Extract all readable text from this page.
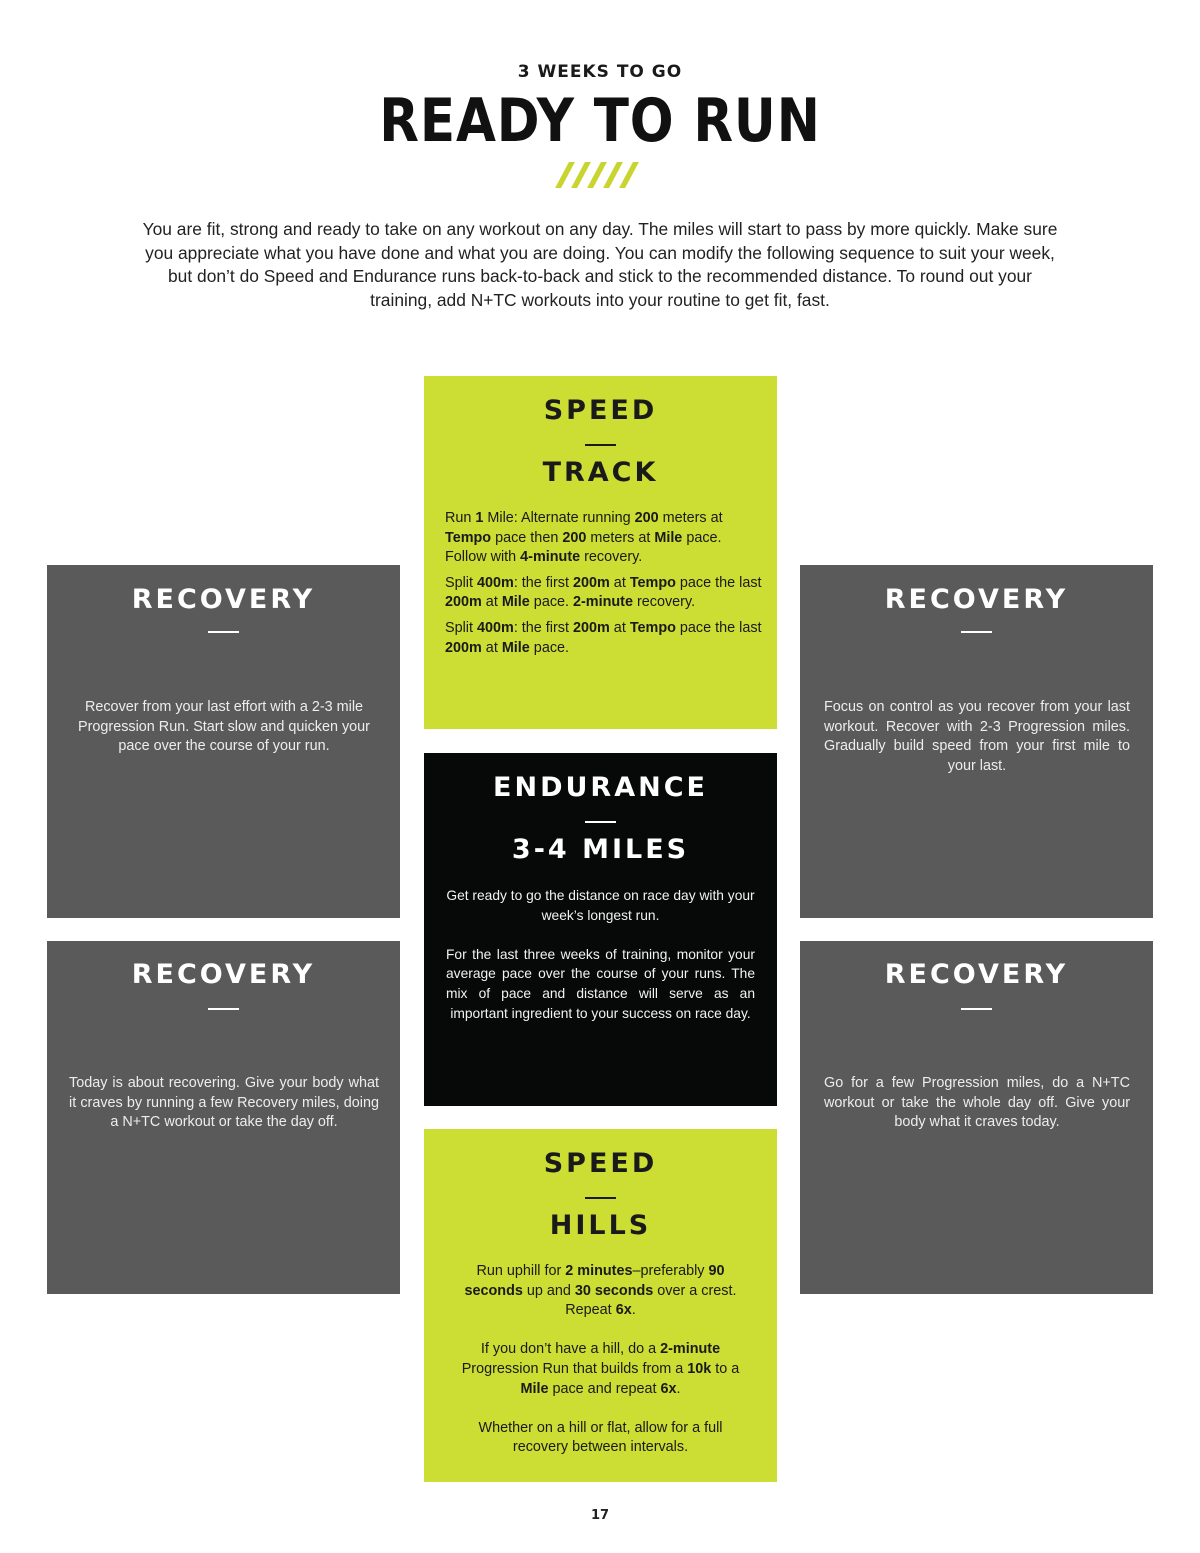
3 WEEKS TO GO
READY TO RUN
You are fit, strong and ready to take on any workout on any day. The miles will start to pass by more quickly. Make sure you appreciate what you have done and what you are doing. You can modify the following sequence to suit your week, but don’t do Speed and Endurance runs back-to-back and stick to the recommended distance. To round out your training, add N+TC workouts into your routine to get fit, fast.
SPEED
TRACK

Run 1 Mile: Alternate running 200 meters at Tempo pace then 200 meters at Mile pace. Follow with 4-minute recovery.

Split 400m: the first 200m at Tempo pace the last 200m at Mile pace. 2-minute recovery.

Split 400m: the first 200m at Tempo pace the last 200m at Mile pace.

RECOVERY
Recover from your last effort with a 2-3 mile Progression Run. Start slow and quicken your pace over the course of your run.
RECOVERY
Focus on control as you recover from your last workout. Recover with 2-3 Progression miles. Gradually build speed from your first mile to your last.
ENDURANCE
3-4 MILES

Get ready to go the distance on race day with your week’s longest run.

For the last three weeks of training, monitor your average pace over the course of your runs. The mix of pace and distance will serve as an important ingredient to your success on race day.

RECOVERY
Today is about recovering. Give your body what it craves by running a few Recovery miles, doing a N+TC workout or take the day off.
RECOVERY
Go for a few Progression miles, do a N+TC workout or take the whole day off. Give your body what it craves today.
SPEED
HILLS

Run uphill for 2 minutes–preferably 90 seconds up and 30 seconds over a crest. Repeat 6x.

If you don’t have a hill, do a 2-minute Progression Run that builds from a 10k to a Mile pace and repeat 6x.

Whether on a hill or flat, allow for a full recovery between intervals.

17
